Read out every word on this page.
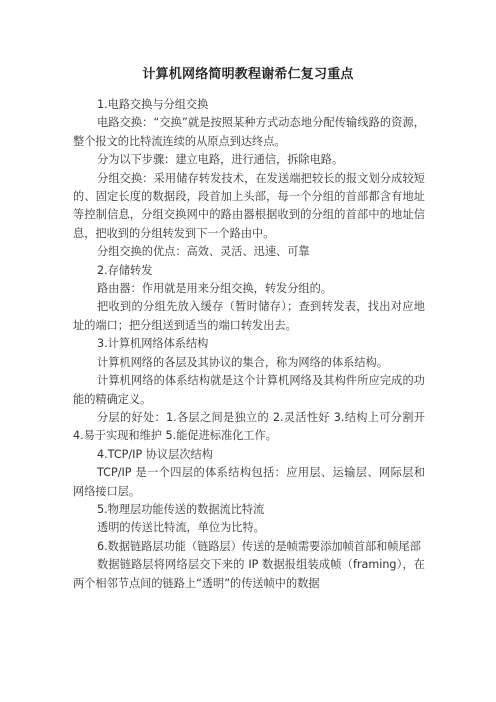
计算机网络简明教程谢希仁复习重点

1.电路交换与分组交换

电路交换：“交换”就是按照某种方式动态地分配传输线路的资源，整个报文的比特流连续的从原点到达终点。

分为以下步骤：建立电路，进行通信，拆除电路。

分组交换：采用储存转发技术，在发送端把较长的报文划分成较短的、固定长度的数据段，段首加上头部，每一个分组的首部都含有地址等控制信息，分组交换网中的路由器根据收到的分组的首部中的地址信息，把收到的分组转发到下一个路由中。

分组交换的优点：高效、灵活、迅速、可靠

2.存储转发

路由器：作用就是用来分组交换，转发分组的。

把收到的分组先放入缓存（暂时储存）；查到转发表，找出对应地址的端口；把分组送到适当的端口转发出去。

3.计算机网络体系结构

计算机网络的各层及其协议的集合，称为网络的体系结构。

计算机网络的体系结构就是这个计算机网络及其构件所应完成的功能的精确定义。

分层的好处：1.各层之间是独立的 2.灵活性好 3.结构上可分割开 4.易于实现和维护 5.能促进标准化工作。

4.TCP/IP 协议层次结构

TCP/IP 是一个四层的体系结构包括：应用层、运输层、网际层和网络接口层。

5.物理层功能传送的数据流比特流

透明的传送比特流，单位为比特。

6.数据链路层功能（链路层）传送的是帧需要添加帧首部和帧尾部

数据链路层将网络层交下来的 IP 数据报组装成帧（framing），在两个相邻节点间的链路上“透明”的传送帧中的数据
